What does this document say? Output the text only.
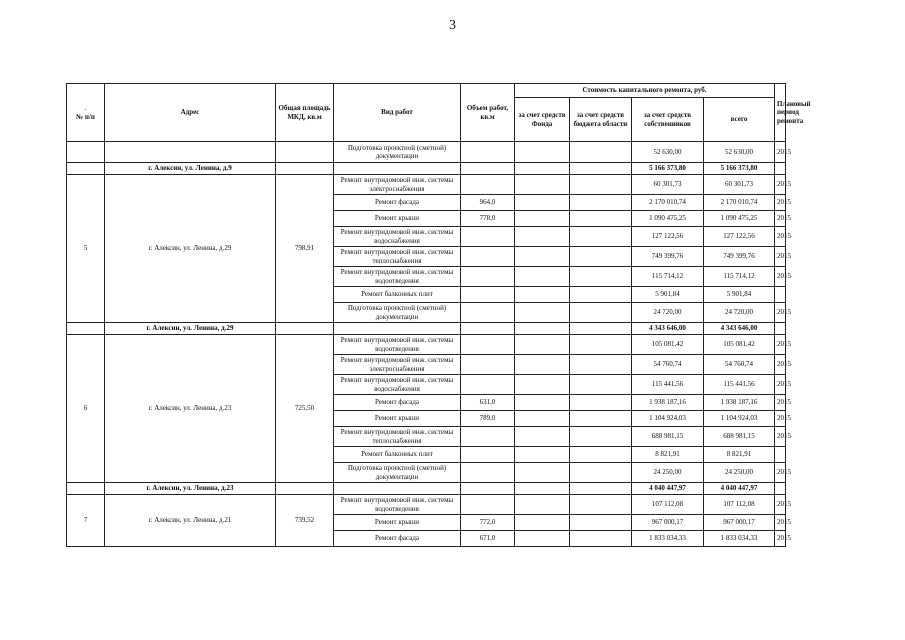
3
.
№ п/п	Адрес	Общая площадь МКД, кв.м	Вид работ	Объем работ, кв.м	Стоимость капитального ремонта, руб.				Плановый период ремонта
					за счет средств Фонда	за счет средств бюджета области	за счет средств собственников	всего	
			Подготовка проектной (сметной) документации				52 630,00	52 630,00	2015
	г. Алексин, ул. Ленина, д.9						5 166 373,80	5 166 373,80	
5	г. Алексин, ул. Ленина, д.29	798,91	Ремонт внутридомовой инж. системы электроснабжения				60 301,73	60 301,73	2015
			Ремонт фасада	964,0			2 170 010,74	2 170 010,74	2015
			Ремонт крыши	778,0			1 090 475,25	1 090 475,25	2015
			Ремонт внутридомовой инж. системы водоснабжения				127 122,56	127 122,56	2015
			Ремонт внутридомовой инж. системы теплоснабжения				749 399,76	749 399,76	2015
			Ремонт внутридомовой инж. системы водоотведения				115 714,12	115 714,12	2015
			Ремонт балконных плит				5 901,84	5 901,84	
			Подготовка проектной (сметной) документации				24 720,00	24 720,00	2015
	г. Алексин, ул. Ленина, д.29						4 343 646,00	4 343 646,00	
6	г. Алексин, ул. Ленина, д.23	725,50	Ремонт внутридомовой инж. системы водоотведения				105 081,42	105 081,42	2015
			Ремонт внутридомовой инж. системы электроснабжения				54 760,74	54 760,74	2015
			Ремонт внутридомовой инж. системы водоснабжения				115 441,56	115 441,56	2015
			Ремонт фасада	631,0			1 938 187,16	1 938 187,16	2015
			Ремонт крыши	789,0			1 104 924,03	1 104 924,03	2015
			Ремонт внутридомовой инж. системы теплоснабжения				688 981,15	688 981,15	2015
			Ремонт балконных плит				8 821,91	8 821,91	
			Подготовка проектной (сметной) документации				24 250,00	24 250,00	2015
	г. Алексин, ул. Ленина, д.23						4 040 447,97	4 040 447,97	
7	г. Алексин, ул. Ленина, д.21	739,52	Ремонт внутридомовой инж. системы водоотведения				107 112,08	107 112,08	2015
			Ремонт крыши	772,0			967 000,17	967 000,17	2015
			Ремонт фасада	671,0			1 833 034,33	1 833 034,33	2015
